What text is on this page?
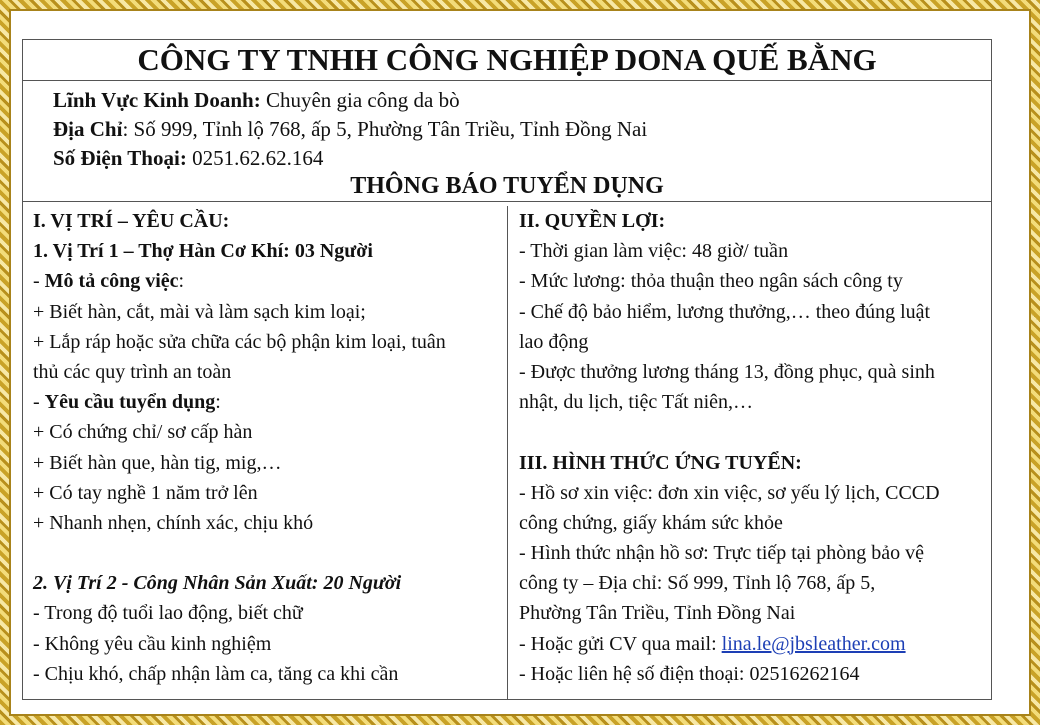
CÔNG TY TNHH CÔNG NGHIỆP DONA QUẾ BẰNG
Lĩnh Vực Kinh Doanh: Chuyên gia công da bò
Địa Chỉ: Số 999, Tỉnh lộ 768, ấp 5, Phường Tân Triều, Tỉnh Đồng Nai
Số Điện Thoại: 0251.62.62.164
THÔNG BÁO TUYỂN DỤNG
I. VỊ TRÍ – YÊU CẦU:
1. Vị Trí 1 – Thợ Hàn Cơ Khí: 03 Người
- Mô tả công việc:
+ Biết hàn, cắt, mài và làm sạch kim loại;
+ Lắp ráp hoặc sửa chữa các bộ phận kim loại, tuân
thủ các quy trình an toàn
- Yêu cầu tuyển dụng:
+ Có chứng chỉ/ sơ cấp hàn
+ Biết hàn que, hàn tig, mig,…
+ Có tay nghề 1 năm trở lên
+ Nhanh nhẹn, chính xác, chịu khó
2. Vị Trí 2 - Công Nhân Sản Xuất: 20 Người
- Trong độ tuổi lao động, biết chữ
- Không yêu cầu kinh nghiệm
- Chịu khó, chấp nhận làm ca, tăng ca khi cần
II. QUYỀN LỢI:
- Thời gian làm việc: 48 giờ/ tuần
- Mức lương: thỏa thuận theo ngân sách công ty
- Chế độ bảo hiểm, lương thưởng,… theo đúng luật
lao động
- Được thưởng lương tháng 13, đồng phục, quà sinh
nhật, du lịch, tiệc Tất niên,…
III. HÌNH THỨC ỨNG TUYỂN:
- Hồ sơ xin việc: đơn xin việc, sơ yếu lý lịch, CCCD
công chứng, giấy khám sức khỏe
- Hình thức nhận hồ sơ: Trực tiếp tại phòng bảo vệ
công ty – Địa chỉ: Số 999, Tỉnh lộ 768, ấp 5,
Phường Tân Triều, Tỉnh Đồng Nai
- Hoặc gửi CV qua mail: lina.le@jbsleather.com
- Hoặc liên hệ số điện thoại: 02516262164
